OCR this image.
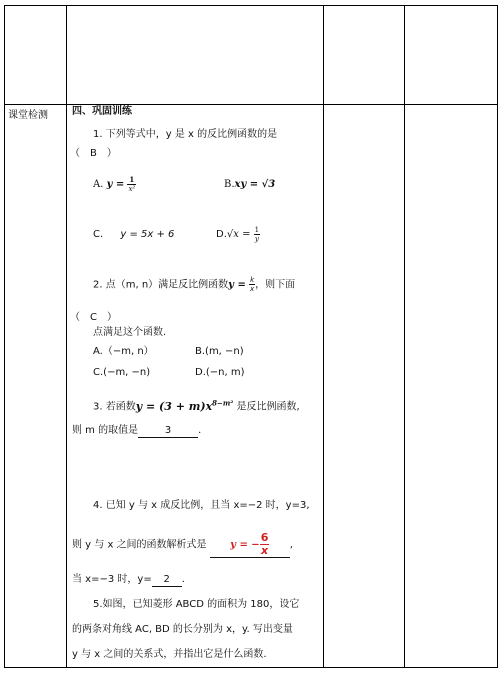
课堂检测 四、巩固训练
1. 下列等式中，y 是 x 的反比例函数的是
（　B　）
A. $y = \frac{1}{\text{x²}}$	B.xy = √3
C. y = 5x + 6	$D.√x = \frac{1}{y}$
2. 点（m, n）满足反比例函数$y = \frac{k}{x}$ ，则下面
（　C　）
点满足这个函数.
A.（−m, n）	B.(m, −n)
C.(−m, −n)	D.(−n, m)
3. 若函数$y = (3 + m)x^{8-m^2}$ 是反比例函数,
则 m 的取值是	3	.
4. 已知 y 与 x 成反比例，且当 x=−2 时，y=3,
则 y 与 x 之间的函数解析式是 y = − $\frac{6}{x}$ ,
当 x=−3 时，y= 2 .
5.如图，已知菱形 ABCD 的面积为 180，设它
的两条对角线 AC, BD 的长分别为 x，y. 写出变量
y 与 x 之间的关系式，并指出它是什么函数.
